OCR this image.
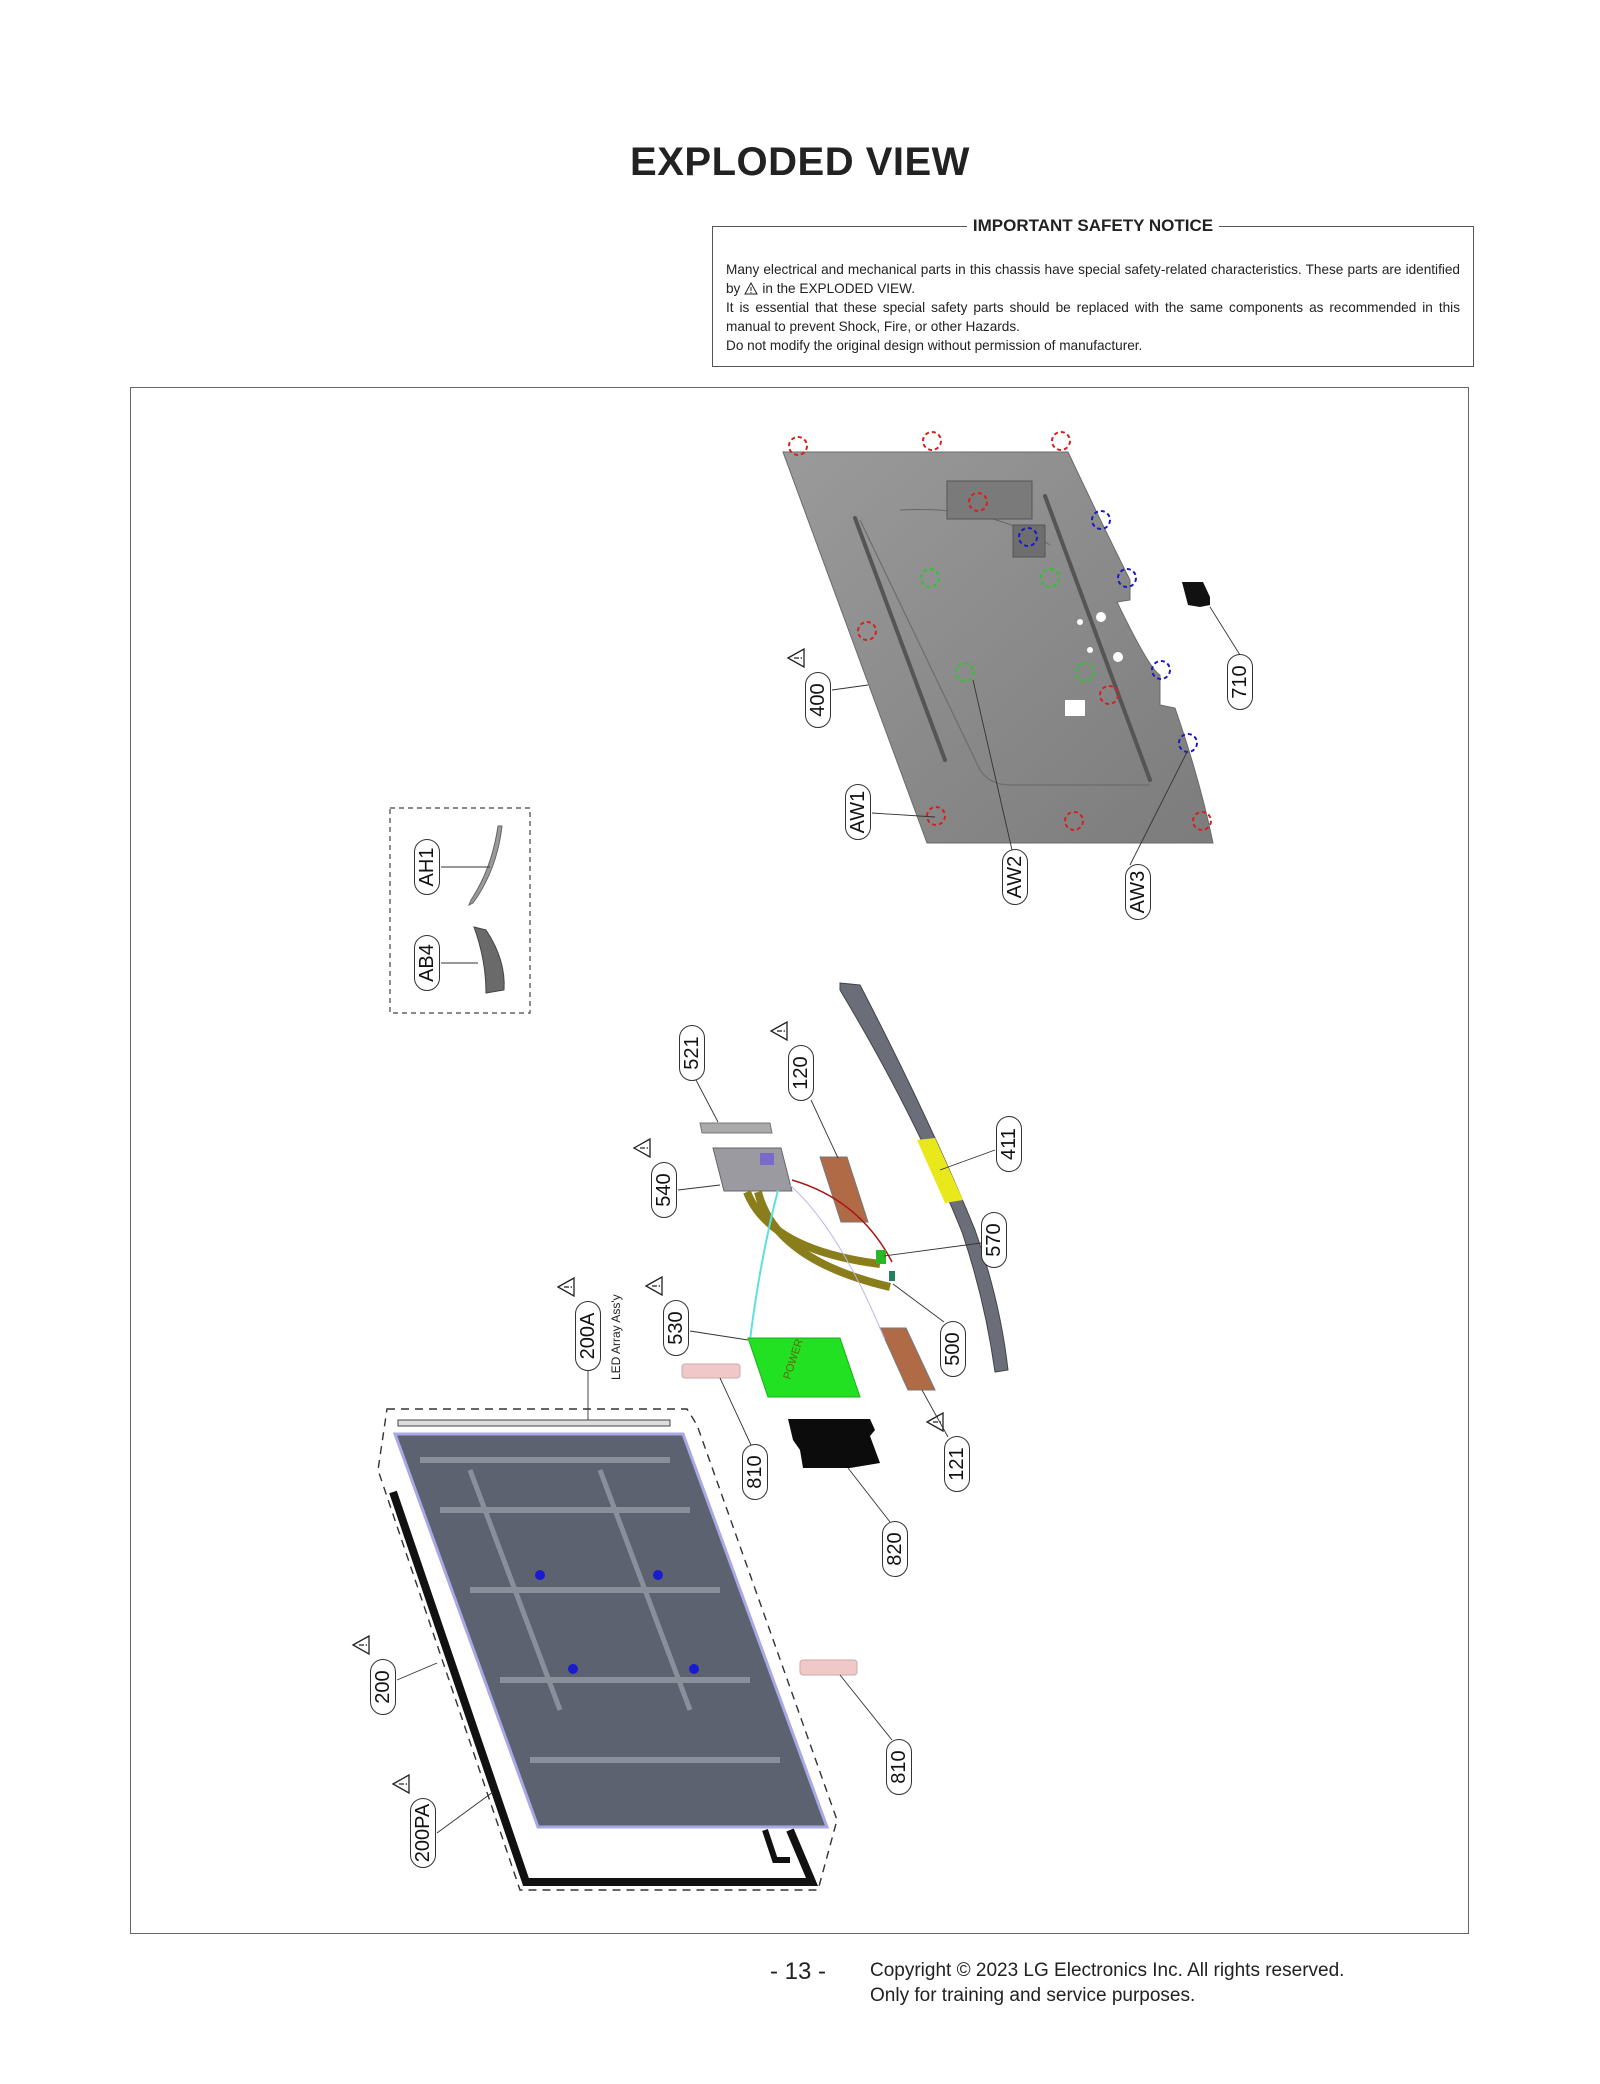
EXPLODED VIEW
IMPORTANT SAFETY NOTICE

Many electrical and mechanical parts in this chassis have special safety-related characteristics. These parts are identified by in the EXPLODED VIEW.

It is essential that these special safety parts should be replaced with the same components as recommended in this manual to prevent Shock, Fire, or other Hazards.

Do not modify the original design without permission of manufacturer.

POWER
400
710
AW1
AW2	AW3
AH1
AB4
521
120
540
411
570
500
530
200A
810	121
820
200
200PA
810
LED Array Ass'y
- 13 - Copyright © 2023 LG Electronics Inc. All rights reserved.
Only for training and service purposes.
